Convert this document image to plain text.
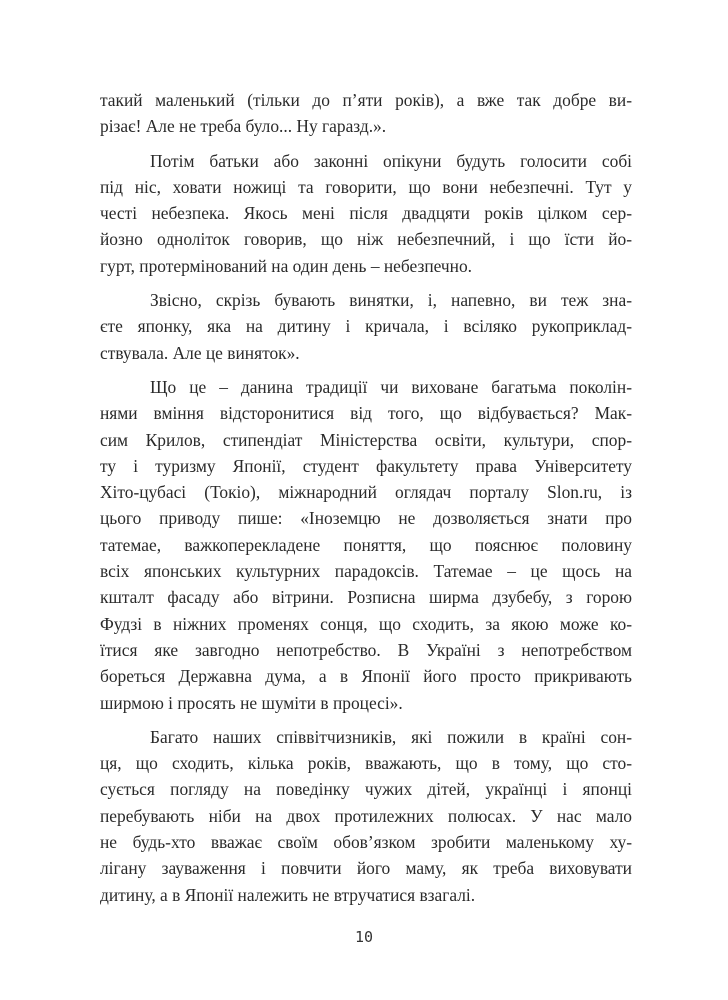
такий маленький (тільки до п’яти років), а вже так добре ви-
різає! Але не треба було... Ну гаразд.».
Потім батьки або законні опікуни будуть голосити собі
під ніс, ховати ножиці та говорити, що вони небезпечні. Тут у
честі небезпека. Якось мені після двадцяти років цілком сер-
йозно одноліток говорив, що ніж небезпечний, і що їсти йо-
гурт, протермінований на один день – небезпечно.
Звісно, скрізь бувають винятки, і, напевно, ви теж зна-
єте японку, яка на дитину і кричала, і всіляко рукоприклад-
ствувала. Але це виняток».
Що це – данина традиції чи виховане багатьма поколін-
нями вміння відсторонитися від того, що відбувається? Мак-
сим Крилов, стипендіат Міністерства освіти, культури, спор-
ту і туризму Японії, студент факультету права Університету
Хіто-цубасі (Токіо), міжнародний оглядач порталу Slon.ru, із
цього приводу пише: «Іноземцю не дозволяється знати про
татемае, важкоперекладене поняття, що пояснює половину
всіх японських культурних парадоксів. Татемае – це щось на
кшталт фасаду або вітрини. Розписна ширма дзубебу, з горою
Фудзі в ніжних променях сонця, що сходить, за якою може ко-
їтися яке завгодно непотребство. В Україні з непотребством
бореться Державна дума, а в Японії його просто прикривають
ширмою і просять не шуміти в процесі».
Багато наших співвітчизників, які пожили в країні сон-
ця, що сходить, кілька років, вважають, що в тому, що сто-
сується погляду на поведінку чужих дітей, українці і японці
перебувають ніби на двох протилежних полюсах. У нас мало
не будь-хто вважає своїм обов’язком зробити маленькому ху-
лігану зауваження і повчити його маму, як треба виховувати
дитину, а в Японії належить не втручатися взагалі.
10
